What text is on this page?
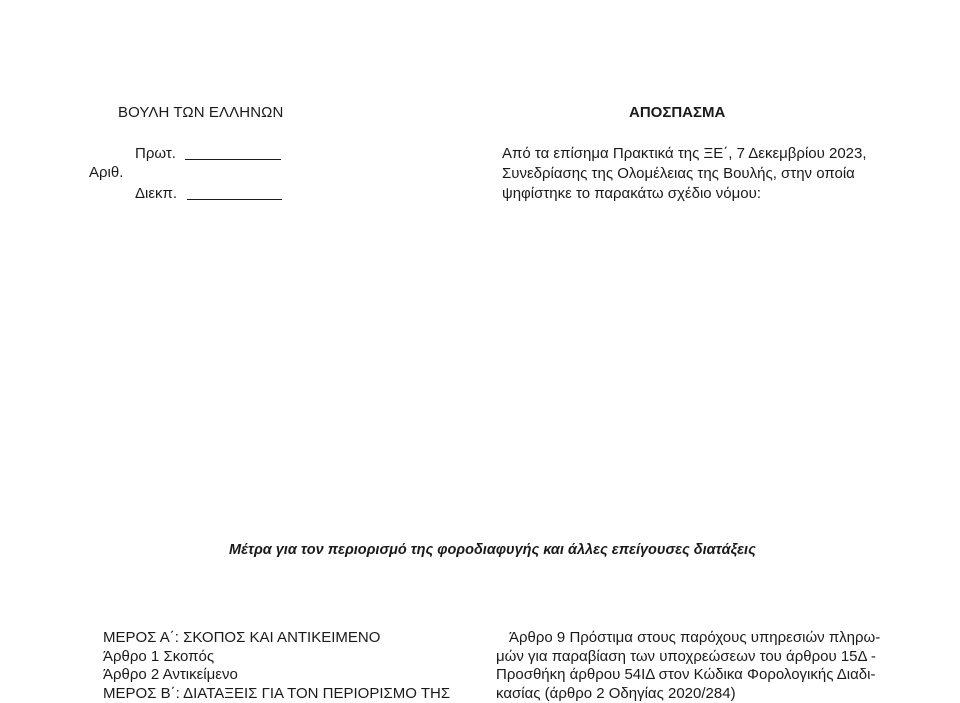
ΒΟΥΛΗ ΤΩΝ ΕΛΛΗΝΩΝ
Πρωτ.
Αριθ.
Διεκπ.
ΑΠΟΣΠΑΣΜΑ
Από τα επίσημα Πρακτικά της ΞΕ΄, 7 Δεκεμβρίου 2023,
Συνεδρίασης της Ολομέλειας της Βουλής, στην οποία
ψηφίστηκε το παρακάτω σχέδιο νόμου:
Μέτρα για τον περιορισμό της φοροδιαφυγής και άλλες επείγουσες διατάξεις
ΜΕΡΟΣ Α΄: ΣΚΟΠΟΣ ΚΑΙ ΑΝΤΙΚΕΙΜΕΝΟ
Άρθρο 1 Σκοπός
Άρθρο 2 Αντικείμενο
ΜΕΡΟΣ Β΄: ΔΙΑΤΑΞΕΙΣ ΓΙΑ ΤΟΝ ΠΕΡΙΟΡΙΣΜΟ ΤΗΣ
Άρθρο 9 Πρόστιμα στους παρόχους υπηρεσιών πληρω-
μών για παραβίαση των υποχρεώσεων του άρθρου 15Δ -
Προσθήκη άρθρου 54ΙΔ στον Κώδικα Φορολογικής Διαδι-
κασίας (άρθρο 2 Οδηγίας 2020/284)
